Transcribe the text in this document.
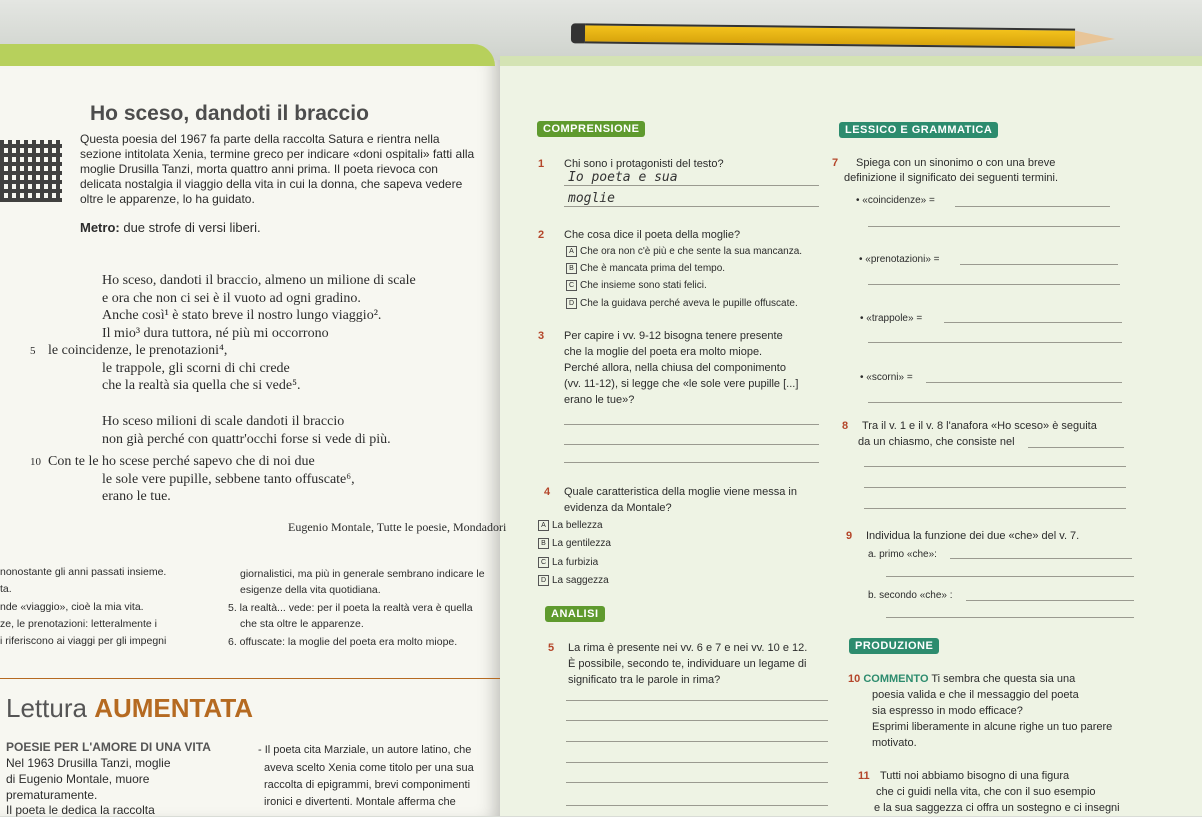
Ho sceso, dandoti il braccio
Questa poesia del 1967 fa parte della raccolta Satura e rientra nella sezione intitolata Xenia, termine greco per indicare «doni ospitali» fatti alla moglie Drusilla Tanzi, morta quattro anni prima. Il poeta rievoca con delicata nostalgia il viaggio della vita in cui la donna, che sapeva vedere oltre le apparenze, lo ha guidato.
Metro: due strofe di versi liberi.
Ho sceso, dandoti il braccio, almeno un milione di scale
e ora che non ci sei è il vuoto ad ogni gradino.
Anche così¹ è stato breve il nostro lungo viaggio².
Il mio³ dura tuttora, né più mi occorrono
5 le coincidenze, le prenotazioni⁴,
le trappole, gli scorni di chi crede
che la realtà sia quella che si vede⁵.
Ho sceso milioni di scale dandoti il braccio
non già perché con quattr'occhi forse si vede di più.
10 Con te le ho scese perché sapevo che di noi due
le sole vere pupille, sebbene tanto offuscate⁶,
erano le tue.
Eugenio Montale, Tutte le poesie, Mondadori
nonostante gli anni passati insieme.
ta.
nde «viaggio», cioè la mia vita.
ze, le prenotazioni: letteralmente i
i riferiscono ai viaggi per gli impegni
giornalistici, ma più in generale sembrano indicare le
esigenze della vita quotidiana.
5. la realtà... vede: per il poeta la realtà vera è quella
che sta oltre le apparenze.
6. offuscate: la moglie del poeta era molto miope.
Lettura AUMENTATA
POESIE PER L'AMORE DI UNA VITA
Nel 1963 Drusilla Tanzi, moglie
di Eugenio Montale, muore
prematuramente.
Il poeta le dedica la raccolta
- Il poeta cita Marziale, un autore latino, che
aveva scelto Xenia come titolo per una sua
raccolta di epigrammi, brevi componimenti
ironici e divertenti. Montale afferma che
COMPRENSIONE
1 Chi sono i protagonisti del testo?
Io poeta e sua
moglie
2 Che cosa dice il poeta della moglie?
A Che ora non c'è più e che sente la sua mancanza.
B Che è mancata prima del tempo.
C Che insieme sono stati felici.
D Che la guidava perché aveva le pupille offuscate.
3 Per capire i vv. 9-12 bisogna tenere presente
che la moglie del poeta era molto miope.
Perché allora, nella chiusa del componimento
(vv. 11-12), si legge che «le sole vere pupille [...]
erano le tue»?
4 Quale caratteristica della moglie viene messa in
evidenza da Montale?
A La bellezza
B La gentilezza
C La furbizia
D La saggezza
ANALISI
5 La rima è presente nei vv. 6 e 7 e nei vv. 10 e 12.
È possibile, secondo te, individuare un legame di
significato tra le parole in rima?
LESSICO E GRAMMATICA
7 Spiega con un sinonimo o con una breve
definizione il significato dei seguenti termini.
• «coincidenze» =
• «prenotazioni» =
• «trappole» =
• «scorni» =
8 Tra il v. 1 e il v. 8 l'anafora «Ho sceso» è seguita
da un chiasmo, che consiste nel
9 Individua la funzione dei due «che» del v. 7.
a. primo «che»:
b. secondo «che» :
PRODUZIONE
10 COMMENTO Ti sembra che questa sia una
poesia valida e che il messaggio del poeta
sia espresso in modo efficace?
Esprimi liberamente in alcune righe un tuo parere
motivato.
11 Tutti noi abbiamo bisogno di una figura
che ci guidi nella vita, che con il suo esempio
e la sua saggezza ci offra un sostegno e ci insegni
